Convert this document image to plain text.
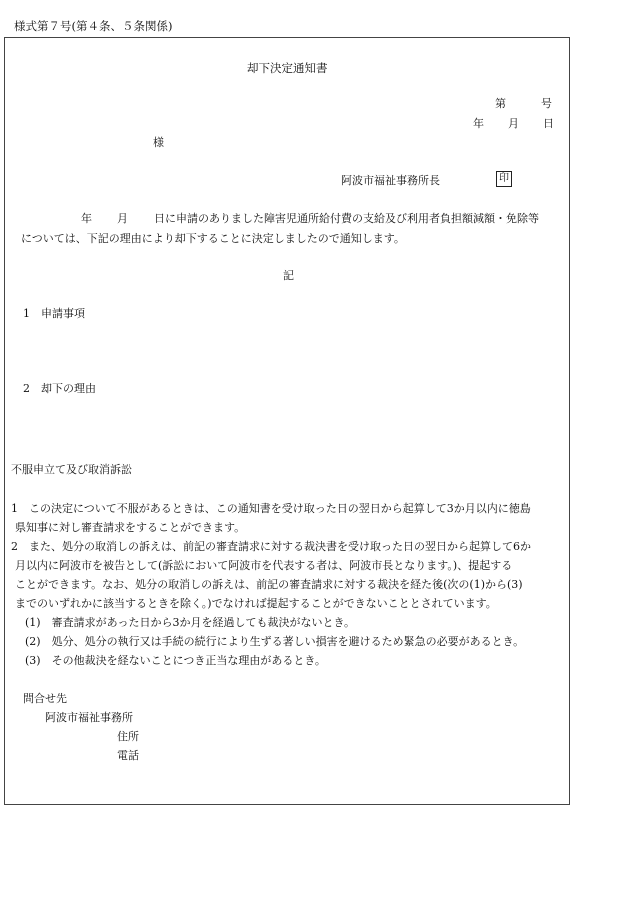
様式第７号(第４条、５条関係)
却下決定通知書
第	号
年 月 日
様
阿波市福祉事務所長	印
年 月 日に申請のありました障害児通所給付費の支給及び利用者負担額減額・免除等
については、下記の理由により却下することに決定しましたので通知します。
記
1　申請事項
2　却下の理由
不服申立て及び取消訴訟
1　この決定について不服があるときは、この通知書を受け取った日の翌日から起算して3か月以内に徳島
県知事に対し審査請求をすることができます。
2　また、処分の取消しの訴えは、前記の審査請求に対する裁決書を受け取った日の翌日から起算して6か
月以内に阿波市を被告として(訴訟において阿波市を代表する者は、阿波市長となります。)、提起する
ことができます。なお、処分の取消しの訴えは、前記の審査請求に対する裁決を経た後(次の(1)から(3)
までのいずれかに該当するときを除く。)でなければ提起することができないこととされています。
(1)　審査請求があった日から3か月を経過しても裁決がないとき。
(2)　処分、処分の執行又は手続の続行により生ずる著しい損害を避けるため緊急の必要があるとき。
(3)　その他裁決を経ないことにつき正当な理由があるとき。
問合せ先
阿波市福祉事務所
住所
電話
